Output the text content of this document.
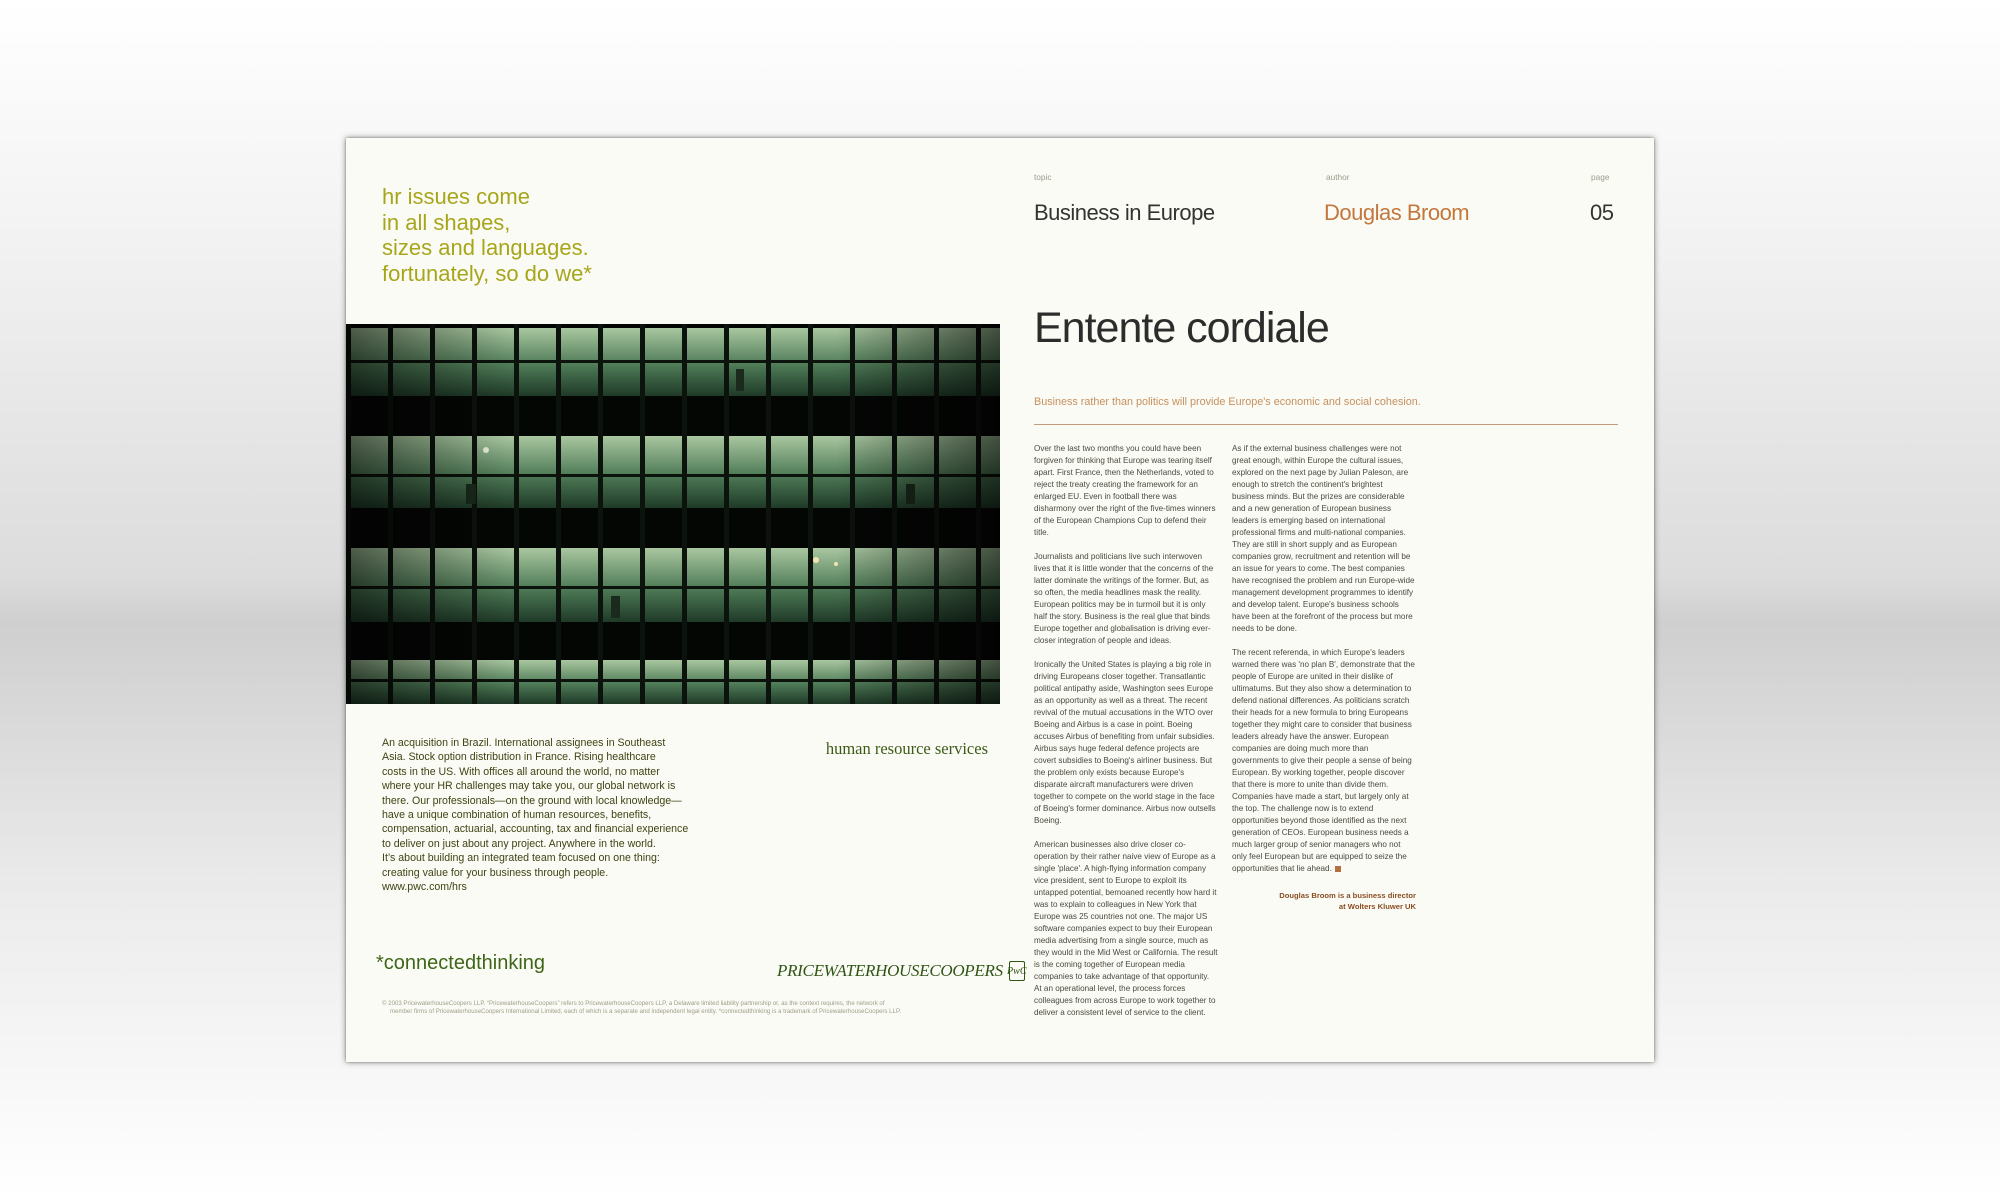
hr issues come
in all shapes,
sizes and languages.
fortunately, so do we*
An acquisition in Brazil. International assignees in Southeast
Asia. Stock option distribution in France. Rising healthcare
costs in the US. With offices all around the world, no matter
where your HR challenges may take you, our global network is
there. Our professionals—on the ground with local knowledge—
have a unique combination of human resources, benefits,
compensation, actuarial, accounting, tax and financial experience
to deliver on just about any project. Anywhere in the world.
It’s about building an integrated team focused on one thing:
creating value for your business through people.
www.pwc.com/hrs
human resource services
*connectedthinking	PRICEWATERHOUSECOOPERS PwC
© 2003 PricewaterhouseCoopers LLP. “PricewaterhouseCoopers” refers to PricewaterhouseCoopers LLP, a Delaware limited liability partnership or, as the context requires, the network of
member firms of PricewaterhouseCoopers International Limited, each of which is a separate and independent legal entity. *connectedthinking is a trademark of PricewaterhouseCoopers LLP.
topic	author	page
Business in Europe	Douglas Broom	05
Entente cordiale
Business rather than politics will provide Europe's economic and social cohesion.

Over the last two months you could have been forgiven for thinking that Europe was tearing itself apart. First France, then the Netherlands, voted to reject the treaty creating the framework for an enlarged EU. Even in football there was disharmony over the right of the five-times winners of the European Champions Cup to defend their title.

Journalists and politicians live such interwoven lives that it is little wonder that the concerns of the latter dominate the writings of the former. But, as so often, the media headlines mask the reality. European politics may be in turmoil but it is only half the story. Business is the real glue that binds Europe together and globalisation is driving ever-closer integration of people and ideas.

Ironically the United States is playing a big role in driving Europeans closer together. Transatlantic political antipathy aside, Washington sees Europe as an opportunity as well as a threat. The recent revival of the mutual accusations in the WTO over Boeing and Airbus is a case in point. Boeing accuses Airbus of benefiting from unfair subsidies. Airbus says huge federal defence projects are covert subsidies to Boeing's airliner business. But the problem only exists because Europe's disparate aircraft manufacturers were driven together to compete on the world stage in the face of Boeing's former dominance. Airbus now outsells Boeing.

American businesses also drive closer co-operation by their rather naive view of Europe as a single 'place'. A high-flying information company vice president, sent to Europe to exploit its untapped potential, bemoaned recently how hard it was to explain to colleagues in New York that Europe was 25 countries not one. The major US software companies expect to buy their European media advertising from a single source, much as they would in the Mid West or California. The result is the coming together of European media companies to take advantage of that opportunity. At an operational level, the process forces colleagues from across Europe to work together to deliver a consistent level of service to the client.

As if the external business challenges were not great enough, within Europe the cultural issues, explored on the next page by Julian Paleson, are enough to stretch the continent's brightest business minds. But the prizes are considerable and a new generation of European business leaders is emerging based on international professional firms and multi-national companies. They are still in short supply and as European companies grow, recruitment and retention will be an issue for years to come. The best companies have recognised the problem and run Europe-wide management development programmes to identify and develop talent. Europe's business schools have been at the forefront of the process but more needs to be done.

The recent referenda, in which Europe's leaders warned there was 'no plan B', demonstrate that the people of Europe are united in their dislike of ultimatums. But they also show a determination to defend national differences. As politicians scratch their heads for a new formula to bring Europeans together they might care to consider that business leaders already have the answer. European companies are doing much more than governments to give their people a sense of being European. By working together, people discover that there is more to unite than divide them. Companies have made a start, but largely only at the top. The challenge now is to extend opportunities beyond those identified as the next generation of CEOs. European business needs a much larger group of senior managers who not only feel European but are equipped to seize the opportunities that lie ahead.

Douglas Broom is a business director
at Wolters Kluwer UK
